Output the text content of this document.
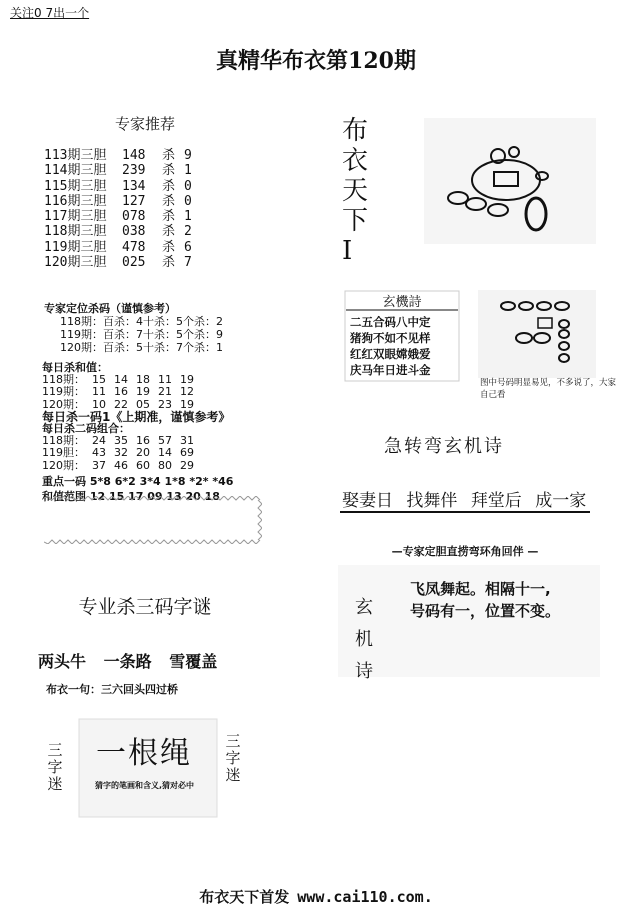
关注0 7出一个
真精华布衣第120期
专家推荐
113期三胆 148 杀 9
114期三胆 239 杀 1
115期三胆 134 杀 0
116期三胆 127 杀 0
117期三胆 078 杀 1
118期三胆 038 杀 2
119期三胆 478 杀 6
120期三胆 025 杀 7
专家定位杀码（谨慎参考）
118期：百杀：4十杀：5个杀：2
119期：百杀：7十杀：5个杀：9
120期：百杀：5十杀：7个杀：1
每日杀和值：
118期： 15 14 18 11 19
119期： 11 16 19 21 12
120期： 10 22 05 23 19
每日杀一码1《上期准，谨慎参考》
每日杀二码组合：
118期： 24 35 16 57 31
119胆： 43 32 20 14 69
120期： 37 46 60 80 29
重点一码 5*8 6*2 3*4 1*8 *2* *46
和值范围 12 15 17 09 13 20 18
专业杀三码字谜
两头牛 一条路 雪覆盖
布衣一句：三六回头四过桥
一根绳
猜字的笔画和含义,猜对必中
三字迷
三字迷
布
衣
天
下
I
玄機詩
二五合码八中定
猪狗不如不见样
红红双眼嫦娥爱
庆马年日进斗金
图中号码明显易见，不多说了，大家自己看
急转弯玄机诗
娶妻日 找舞伴 拜堂后 成一家
—专家定胆直捞弯环角回伴 —
玄
机
诗
飞凤舞起。相隔十一,
号码有一，位置不变。
布衣天下首发 www.cai110.com.
